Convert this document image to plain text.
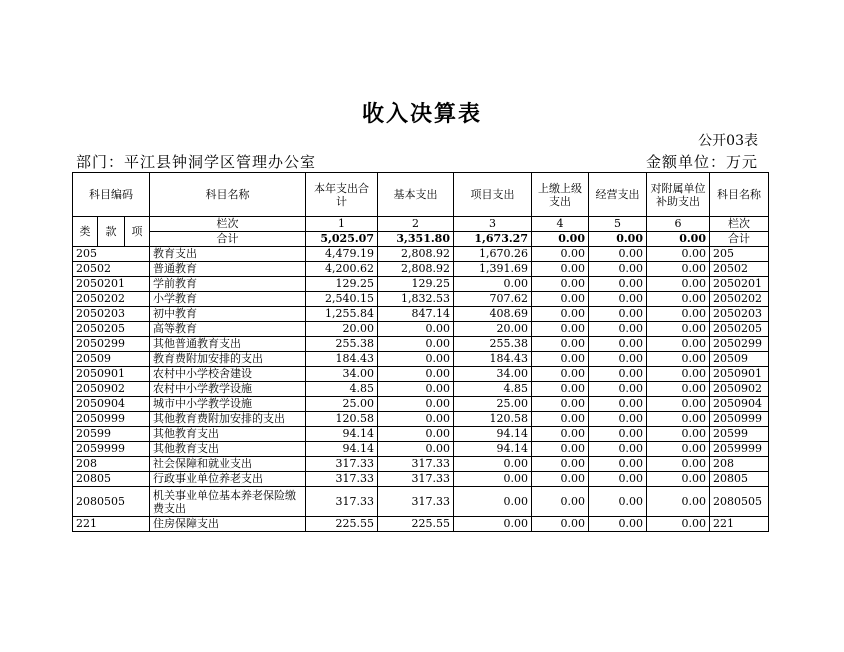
收入决算表
公开03表
部门：平江县钟洞学区管理办公室	金额单位：万元
科目编码			科目名称	本年支出合计	基本支出	项目支出	上缴上级支出	经营支出	对附属单位补助支出	科目名称
类	款	项	栏次	1	2	3	4	5	6	栏次
			合计	5,025.07	3,351.80	1,673.27	0.00	0.00	0.00	合计
205			教育支出	4,479.19	2,808.92	1,670.26	0.00	0.00	0.00	205
20502			普通教育	4,200.62	2,808.92	1,391.69	0.00	0.00	0.00	20502
2050201			学前教育	129.25	129.25	0.00	0.00	0.00	0.00	2050201
2050202			小学教育	2,540.15	1,832.53	707.62	0.00	0.00	0.00	2050202
2050203			初中教育	1,255.84	847.14	408.69	0.00	0.00	0.00	2050203
2050205			高等教育	20.00	0.00	20.00	0.00	0.00	0.00	2050205
2050299			其他普通教育支出	255.38	0.00	255.38	0.00	0.00	0.00	2050299
20509			教育费附加安排的支出	184.43	0.00	184.43	0.00	0.00	0.00	20509
2050901			农村中小学校舍建设	34.00	0.00	34.00	0.00	0.00	0.00	2050901
2050902			农村中小学教学设施	4.85	0.00	4.85	0.00	0.00	0.00	2050902
2050904			城市中小学教学设施	25.00	0.00	25.00	0.00	0.00	0.00	2050904
2050999			其他教育费附加安排的支出	120.58	0.00	120.58	0.00	0.00	0.00	2050999
20599			其他教育支出	94.14	0.00	94.14	0.00	0.00	0.00	20599
2059999			其他教育支出	94.14	0.00	94.14	0.00	0.00	0.00	2059999
208			社会保障和就业支出	317.33	317.33	0.00	0.00	0.00	0.00	208
20805			行政事业单位养老支出	317.33	317.33	0.00	0.00	0.00	0.00	20805
2080505			机关事业单位基本养老保险缴费支出	317.33	317.33	0.00	0.00	0.00	0.00	2080505
221			住房保障支出	225.55	225.55	0.00	0.00	0.00	0.00	221
